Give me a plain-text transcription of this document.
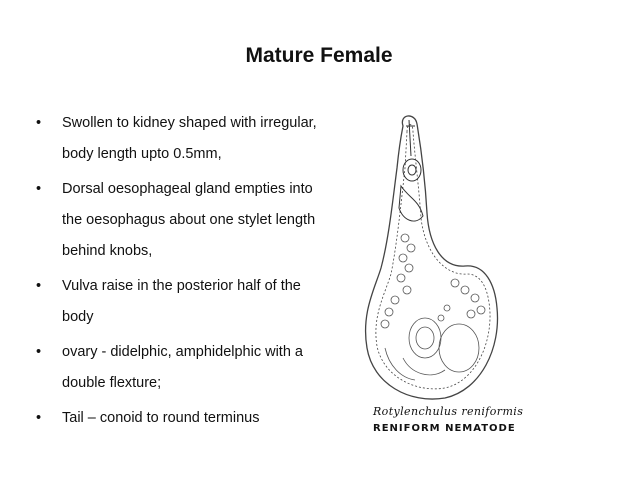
Mature Female
• Swollen to kidney shaped with irregular, body length upto 0.5mm,
• Dorsal oesophageal gland empties into the oesophagus about one stylet length behind knobs,
• Vulva raise in the posterior half of the body
• ovary - didelphic, amphidelphic with a double flexture;
• Tail – conoid to round terminus	Rotylenchulus reniformis
RENIFORM NEMATODE
